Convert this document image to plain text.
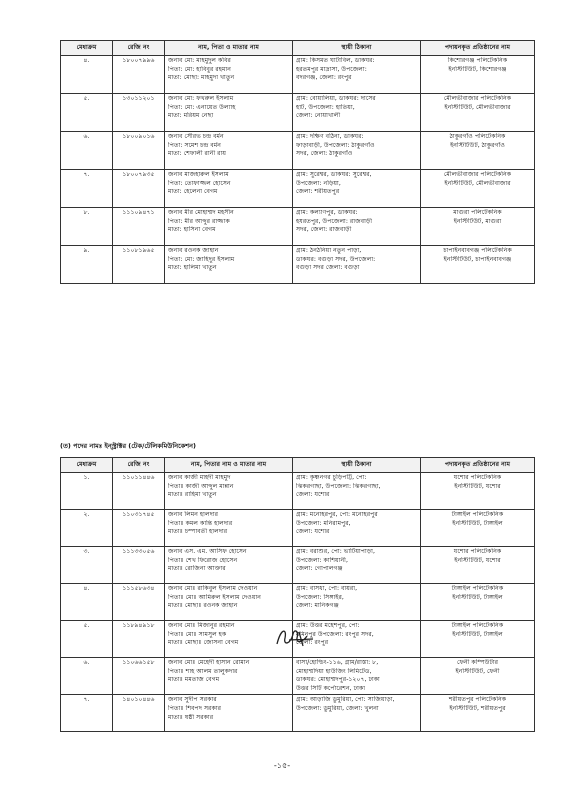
মেধাক্রম	রেজি নং	নাম, পিতা ও মাতার নাম	স্থায়ী ঠিকানা	পদায়নকৃত প্রতিষ্ঠানের নাম
৪.	১৮০০৭৯৯৬	জনাব মো: মাহমুদুল কবির
পিতা: মো: হাবিবুর রহমান
মাতা: মোছা: মাহমুদা খাতুন	গ্রাম: কিসমত ঘাটাবিল, ডাকঘর:
হরতমপুর মাদ্রাসা, উপজেলা:
বদরগঞ্জ, জেলা: রংপুর	কিশোরগঞ্জ পলিটেকনিক
ইনস্টিটিউট, কিশোরগঞ্জ

৫.	১৩০১১২০১	জনাব মো: ফখরুল ইসলাম
পিতা: মো: এনায়েত উল্যাহ
মাতা: মরিয়ম নেছা	গ্রাম: বোয়ালিয়া, ডাকঘর: দাসের
হাট, উপজেলা: হাতিয়া,
জেলা: নোয়াখালী	মৌলভীবাজার পলিটেকনিক
ইনস্টিটিউট, মৌলভীবাজার

৬.	১৮০০৯০১৬	জনাব সৌরভ চন্দ্র বর্মন
পিতা: সমেশ চন্দ্র বর্মন
মাতা: শেফালী রানী রায়	গ্রাম: দক্ষিণ বঠিনা, ডাকঘর:
ফাড়াবাড়ী, উপজেলা: ঠাকুরগাঁও
সদর, জেলা: ঠাকুরগাঁও	ঠাকুরগাঁও পলিটেকনিক
ইনস্টিটিউট, ঠাকুরগাঁও

৭.	১৮০০৭৯৩৫	জনাব মাজহারুল ইসলাম
পিতা: তোফাজ্জল হোসেন
মাতা: হেলেনা বেগম	গ্রাম: সুরেশ্বর, ডাকঘর: সুরেশ্বর,
উপজেলা: নড়িয়া,
জেলা: শরীয়তপুর	মৌলভীবাজার পলিটেকনিক
ইনস্টিটিউট, মৌলভীবাজার

৮.	১১১০৯৪৭১	জনাব মীর মোহাম্মদ মহসীন
পিতা: মীর আব্দুর রাজ্জাক
মাতা: হাসিনা বেগম	গ্রাম: কল্যাণপুর, ডাকঘর:
হযরতপুর, উপজেলা: রাজবাড়ী
সদর, জেলা: রাজবাড়ী	মাগুরা পলিটেকনিক
ইনস্টিটিউট, মাগুরা

৯.	১১০৮১৯৬৫	জনাব রওনক জাহান
পিতা: মো: জাহিদুর ইসলাম
মাতা: হালিমা খাতুন	গ্রাম: ঠনঠনিয়া নতুন পাড়া,
ডাকঘর: বগুড়া সদর, উপজেলা:
বগুড়া সদর জেলা: বগুড়া	চাপাইনবাবগঞ্জ পলিটেকনিক
ইনস্টিটিউট, চাপাইনবাবগঞ্জ
(ত) পদের নামঃ ইন্‌স্ট্রাক্টর (টেক/টেলিকমিউনিকেশন)
মেধাক্রম	রেজি নং	নাম, পিতার নাম ও মাতার নাম	স্থায়ী ঠিকানা	পদায়নকৃত প্রতিষ্ঠানের নাম
১.	১১০১১৪৪৬	জনাব কাজী মাহদী মাহমুদ
পিতাঃ কাজী আব্দুল মান্নান
মাতাঃ রাহিমা খাতুন	গ্রাম: কৃষ্ণনগর চুড়িপট্টি, পো:
ঝিকরগাছা, উপজেলা: ঝিকরগাছা,
জেলা: যশোর	যশোর পলিটেকনিক
ইনস্টিটিউট, যশোর

২.	১১০৩১৭৪৫	জনাব লিমন হালদার
পিতাঃ কমল কান্তি হালদার
মাতাঃ চম্পাবতী হালদার	গ্রাম: মনোহরপুর, পো: মনোহরপুর
উপজেলা: মনিরামপুর,
জেলা: যশোর	টাঙ্গাইল পলিটেকনিক
ইনস্টিটিউট, টাঙ্গাইল

৩.	১১১৩৩০৫৬	জনাব এস. এম. আসিফ হোসেন
পিতাঃ শেখ ফিরোজ হোসেন
মাতাঃ রোজিনা আক্তার	গ্রাম: বরাশুর, পো: ভাটিয়াপাড়া,
উপজেলা: কাশিয়ানী,
জেলা: গোপালগঞ্জ	যশোর পলিটেকনিক
ইনস্টিটিউট, যশোর

৪.	১১১৫৮৬৩৪	জনাব মোঃ রাকিবুল ইসলাম দেওয়ান
পিতাঃ মোঃ আমিরুল ইসলাম দেওয়ান
মাতাঃ মোছাঃ রওনক জাহান	গ্রাম: বাসধা, পো: বায়রা,
উপজেলা: সিঙ্গাইর,
জেলা: মানিকগঞ্জ	টাঙ্গাইল পলিটেকনিক
ইনস্টিটিউট, টাঙ্গাইল

৫.	১১৮৯৪৯১৮	জনাব মোঃ মিজানুর রহমান
পিতাঃ মোঃ সামসুল হক
মাতাঃ মোছাঃ জোসনা বেগম	গ্রাম: উত্তর মহেশপুর, পো:
মমিনপুর উপজেলা: রংপুর সদর,
জেলা: রংপুর	টাঙ্গাইল পলিটেকনিক
ইনস্টিটিউট, টাঙ্গাইল

৬.	১১০৬৬১৫৮	জনাব মোঃ মেহেদী হাসান রোমান
পিতাঃ শাহ আলম তালুকদার
মাতাঃ মমতাজ বেগম	বাসা/হোল্ডিং-১১৬, গ্রাম/রাস্তা: ৮,
মোহাম্মদিয়া হাউজিং লিমিটেড,
ডাকঘর: মোহাম্মদপুর-১২০৭, ঢাকা
উত্তর সিটি কর্পোরেশন, ঢাকা	ফেনী কম্পিউটার
ইনস্টিটিউট, ফেনী

৭.	১৪০১০৪৪৬	জনাব সুদীপ সরকার
পিতাঃ শিবপদ সরকার
মাতাঃ ষষ্ঠী সরকার	গ্রাম: আড়াজি ডুমুরিয়া, পো: সাজিয়াড়া,
উপজেলা: ডুমুরিয়া, জেলা: খুলনা	শরীয়তপুর পলিটেকনিক
ইনস্টিটিউট, শরীয়তপুর
-১৫-
